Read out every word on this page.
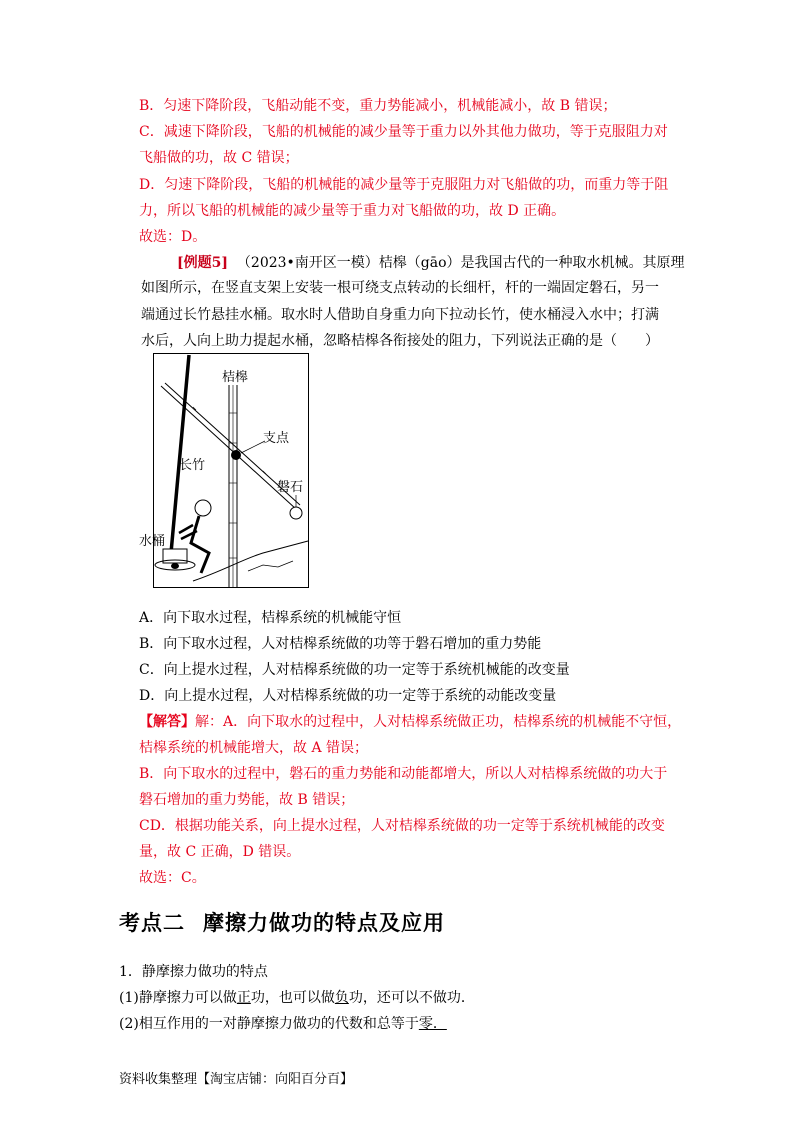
B．匀速下降阶段，飞船动能不变，重力势能减小，机械能减小，故 B 错误；
C．减速下降阶段，飞船的机械能的减少量等于重力以外其他力做功，等于克服阻力对
飞船做的功，故 C 错误；
D．匀速下降阶段，飞船的机械能的减少量等于克服阻力对飞船做的功，而重力等于阻
力，所以飞船的机械能的减少量等于重力对飞船做的功，故 D 正确。
故选：D。
[例题5] （2023•南开区一模）桔槔（gāo）是我国古代的一种取水机械。其原理
如图所示，在竖直支架上安装一根可绕支点转动的长细杆，杆的一端固定磐石，另一
端通过长竹悬挂水桶。取水时人借助自身重力向下拉动长竹，使水桶浸入水中；打满
水后，人向上助力提起水桶，忽略桔槔各衔接处的阻力，下列说法正确的是（　　）
桔槔
支点
长竹
磐石
水桶
A．向下取水过程，桔槔系统的机械能守恒
B．向下取水过程，人对桔槔系统做的功等于磐石增加的重力势能
C．向上提水过程，人对桔槔系统做的功一定等于系统机械能的改变量
D．向上提水过程，人对桔槔系统做的功一定等于系统的动能改变量
【解答】解：A．向下取水的过程中，人对桔槔系统做正功，桔槔系统的机械能不守恒，
桔槔系统的机械能增大，故 A 错误；
B．向下取水的过程中，磐石的重力势能和动能都增大，所以人对桔槔系统做的功大于
磐石增加的重力势能，故 B 错误；
CD．根据功能关系，向上提水过程，人对桔槔系统做的功一定等于系统机械能的改变
量，故 C 正确，D 错误。
故选：C。
考点二 摩擦力做功的特点及应用
1．静摩擦力做功的特点
(1)静摩擦力可以做正功，也可以做负功，还可以不做功．
(2)相互作用的一对静摩擦力做功的代数和总等于零．
资料收集整理【淘宝店铺：向阳百分百】
